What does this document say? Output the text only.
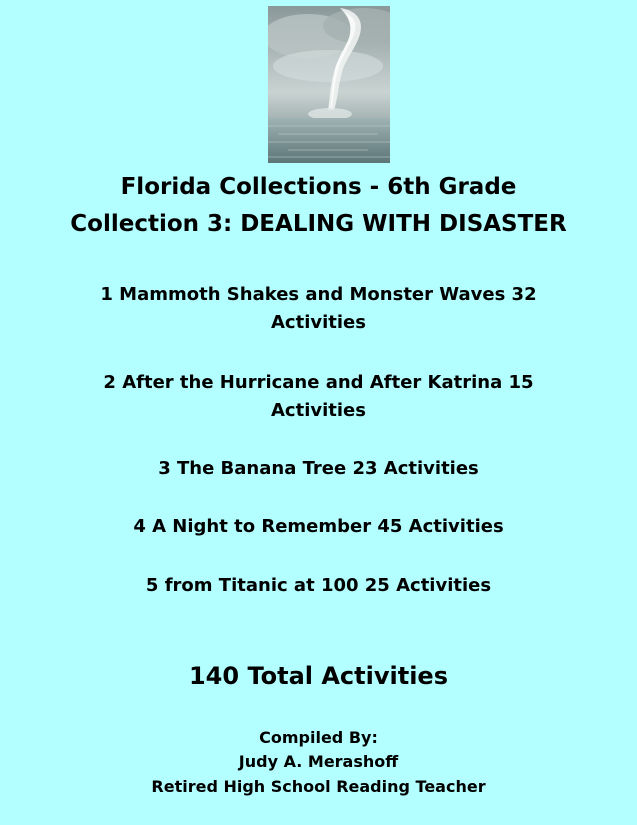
Florida Collections - 6th Grade
Collection 3: DEALING WITH DISASTER
1 Mammoth Shakes and Monster Waves 32 Activities
2 After the Hurricane and After Katrina 15 Activities
3 The Banana Tree 23 Activities
4 A Night to Remember 45 Activities
5 from Titanic at 100 25 Activities
140 Total Activities
Compiled By:
Judy A. Merashoff
Retired High School Reading Teacher
